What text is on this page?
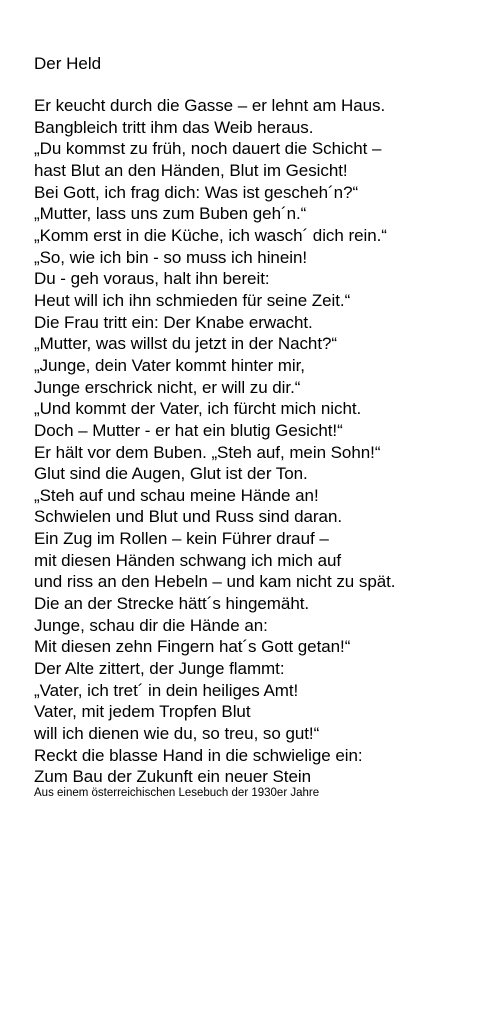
Der Held
Er keucht durch die Gasse – er lehnt am Haus.
Bangbleich tritt ihm das Weib heraus.
„Du kommst zu früh, noch dauert die Schicht –
hast Blut an den Händen, Blut im Gesicht!
Bei Gott, ich frag dich: Was ist gescheh´n?“
„Mutter, lass uns zum Buben geh´n.“
„Komm erst in die Küche, ich wasch´ dich rein.“
„So, wie ich bin - so muss ich hinein!
Du - geh voraus, halt ihn bereit:
Heut will ich ihn schmieden für seine Zeit.“
Die Frau tritt ein: Der Knabe erwacht.
„Mutter, was willst du jetzt in der Nacht?“
„Junge, dein Vater kommt hinter mir,
Junge erschrick nicht, er will zu dir.“
„Und kommt der Vater, ich fürcht mich nicht.
Doch – Mutter - er hat ein blutig Gesicht!“
Er hält vor dem Buben. „Steh auf, mein Sohn!“
Glut sind die Augen, Glut ist der Ton.
„Steh auf und schau meine Hände an!
Schwielen und Blut und Russ sind daran.
Ein Zug im Rollen – kein Führer drauf –
mit diesen Händen schwang ich mich auf
und riss an den Hebeln – und kam nicht zu spät.
Die an der Strecke hätt´s hingemäht.
Junge, schau dir die Hände an:
Mit diesen zehn Fingern hat´s Gott getan!“
Der Alte zittert, der Junge flammt:
„Vater, ich tret´ in dein heiliges Amt!
Vater, mit jedem Tropfen Blut
will ich dienen wie du, so treu, so gut!“
Reckt die blasse Hand in die schwielige ein:
Zum Bau der Zukunft ein neuer Stein
Aus einem österreichischen Lesebuch der 1930er Jahre
